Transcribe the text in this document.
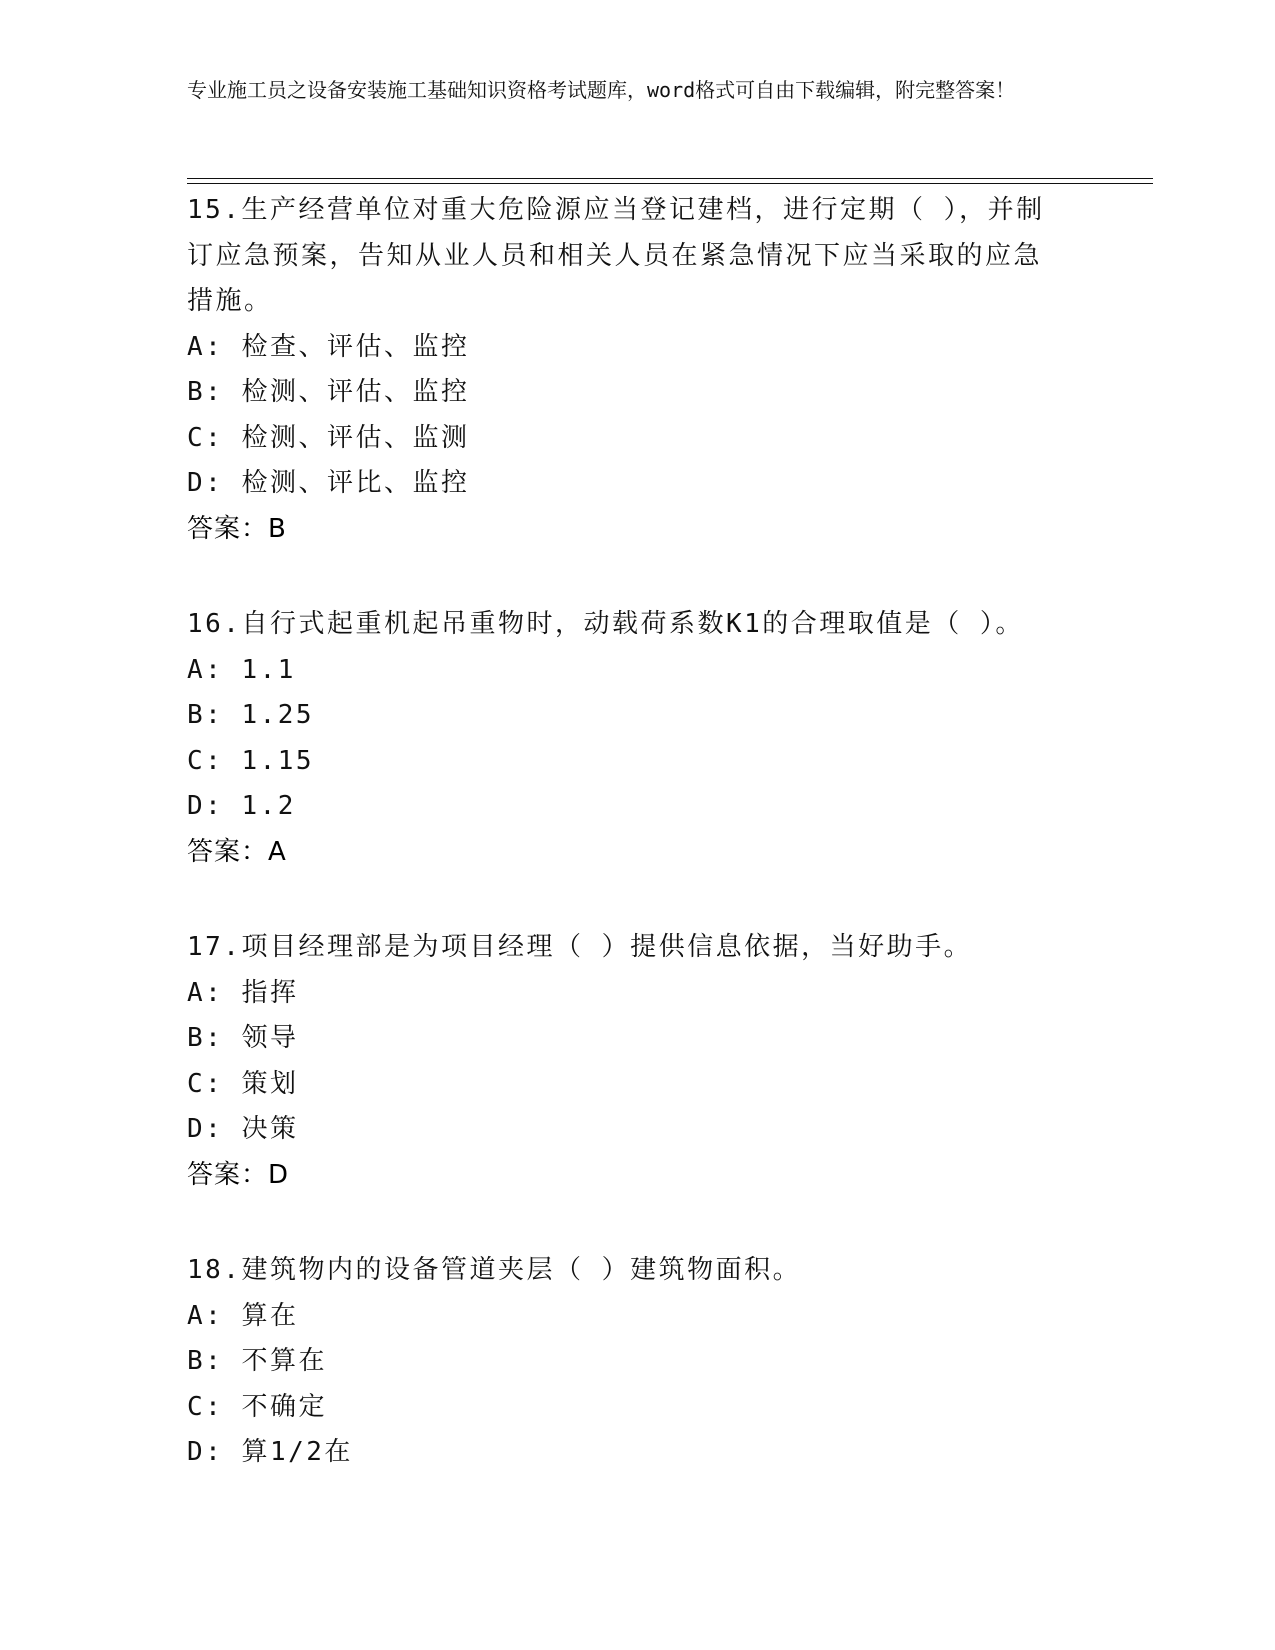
专业施工员之设备安装施工基础知识资格考试题库，word格式可自由下载编辑，附完整答案！
15.生产经营单位对重大危险源应当登记建档，进行定期（ ），并制订应急预案，告知从业人员和相关人员在紧急情况下应当采取的应急措施。
A: 检查、评估、监控
B: 检测、评估、监控
C: 检测、评估、监测
D: 检测、评比、监控
答案：B
16.自行式起重机起吊重物时，动载荷系数K1的合理取值是（ ）。
A: 1.1
B: 1.25
C: 1.15
D: 1.2
答案：A
17.项目经理部是为项目经理（ ）提供信息依据，当好助手。
A: 指挥
B: 领导
C: 策划
D: 决策
答案：D
18.建筑物内的设备管道夹层（ ）建筑物面积。
A: 算在
B: 不算在
C: 不确定
D: 算1/2在
